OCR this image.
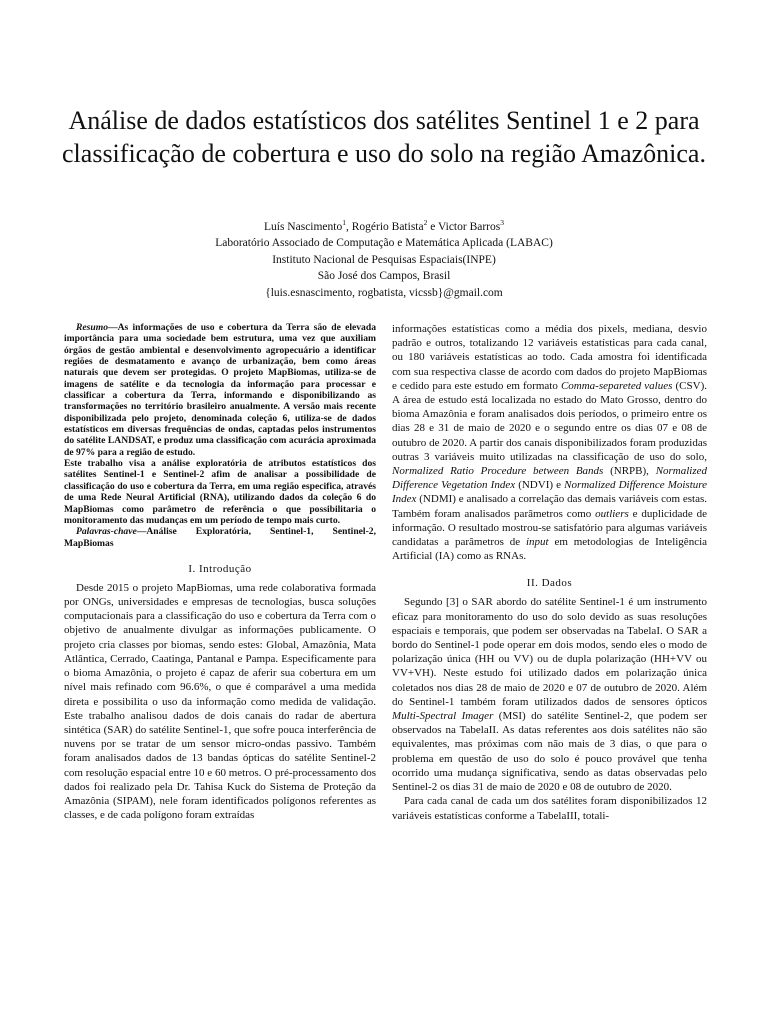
Análise de dados estatísticos dos satélites Sentinel 1 e 2 para classificação de cobertura e uso do solo na região Amazônica.
Luís Nascimento$^1$, Rogério Batista$^2$ e Victor Barros$^3$
Laboratório Associado de Computação e Matemática Aplicada (LABAC)
Instituto Nacional de Pesquisas Espaciais(INPE)
São José dos Campos, Brasil
{luis.esnascimento, rogbatista, vicssb}@gmail.com

Resumo—As informações de uso e cobertura da Terra são de elevada importância para uma sociedade bem estrutura, uma vez que auxiliam órgãos de gestão ambiental e desenvolvimento agropecuário a identificar regiões de desmatamento e avanço de urbanização, bem como áreas naturais que devem ser protegidas. O projeto MapBiomas, utiliza-se de imagens de satélite e da tecnologia da informação para processar e classificar a cobertura da Terra, informando e disponibilizando as transformações no território brasileiro anualmente. A versão mais recente disponibilizada pelo projeto, denominada coleção 6, utiliza-se de dados estatísticos em diversas frequências de ondas, captadas pelos instrumentos do satélite LANDSAT, e produz uma classificação com acurácia aproximada de 97% para a região de estudo.

Este trabalho visa a análise exploratória de atributos estatísticos dos satélites Sentinel-1 e Sentinel-2 afim de analisar a possibilidade de classificação do uso e cobertura da Terra, em uma região especifica, através de uma Rede Neural Artificial (RNA), utilizando dados da coleção 6 do MapBiomas como parâmetro de referência o que possibilitaria o monitoramento das mudanças em um período de tempo mais curto.

Palavras-chave—Análise Exploratória, Sentinel-1, Sentinel-2, MapBiomas

I. Introdução

Desde 2015 o projeto MapBiomas, uma rede colaborativa formada por ONGs, universidades e empresas de tecnologias, busca soluções computacionais para a classificação do uso e cobertura da Terra com o objetivo de anualmente divulgar as informações publicamente. O projeto cria classes por biomas, sendo estes: Global, Amazônia, Mata Atlântica, Cerrado, Caatinga, Pantanal e Pampa. Especificamente para o bioma Amazônia, o projeto é capaz de aferir sua cobertura em um nível mais refinado com 96.6%, o que é comparável a uma medida direta e possibilita o uso da informação como medida de validação. Este trabalho analisou dados de dois canais do radar de abertura sintética (SAR) do satélite Sentinel-1, que sofre pouca interferência de nuvens por se tratar de um sensor micro-ondas passivo. Também foram analisados dados de 13 bandas ópticas do satélite Sentinel-2 com resolução espacial entre 10 e 60 metros. O pré-processamento dos dados foi realizado pela Dr. Tahisa Kuck do Sistema de Proteção da Amazônia (SIPAM), nele foram identificados polígonos referentes as classes, e de cada polígono foram extraídas

informações estatísticas como a média dos pixels, mediana, desvio padrão e outros, totalizando 12 variáveis estatísticas para cada canal, ou 180 variáveis estatísticas ao todo. Cada amostra foi identificada com sua respectiva classe de acordo com dados do projeto MapBiomas e cedido para este estudo em formato Comma-separeted values (CSV). A área de estudo está localizada no estado do Mato Grosso, dentro do bioma Amazônia e foram analisados dois períodos, o primeiro entre os dias 28 e 31 de maio de 2020 e o segundo entre os dias 07 e 08 de outubro de 2020. A partir dos canais disponibilizados foram produzidas outras 3 variáveis muito utilizadas na classificação de uso do solo, Normalized Ratio Procedure between Bands (NRPB), Normalized Difference Vegetation Index (NDVI) e Normalized Difference Moisture Index (NDMI) e analisado a correlação das demais variáveis com estas. Também foram analisados parâmetros como outliers e duplicidade de informação. O resultado mostrou-se satisfatório para algumas variáveis candidatas a parâmetros de input em metodologias de Inteligência Artificial (IA) como as RNAs.

II. Dados

Segundo [3] o SAR abordo do satélite Sentinel-1 é um instrumento eficaz para monitoramento do uso do solo devido as suas resoluções espaciais e temporais, que podem ser observadas na TabelaI. O SAR a bordo do Sentinel-1 pode operar em dois modos, sendo eles o modo de polarização única (HH ou VV) ou de dupla polarização (HH+VV ou VV+VH). Neste estudo foi utilizado dados em polarização única coletados nos dias 28 de maio de 2020 e 07 de outubro de 2020. Além do Sentinel-1 também foram utilizados dados de sensores ópticos Multi-Spectral Imager (MSI) do satélite Sentinel-2, que podem ser observados na TabelaII. As datas referentes aos dois satélites não são equivalentes, mas próximas com não mais de 3 dias, o que para o problema em questão de uso do solo é pouco provável que tenha ocorrido uma mudança significativa, sendo as datas observadas pelo Sentinel-2 os dias 31 de maio de 2020 e 08 de outubro de 2020.

Para cada canal de cada um dos satélites foram disponibilizados 12 variáveis estatísticas conforme a TabelaIII, totali-
